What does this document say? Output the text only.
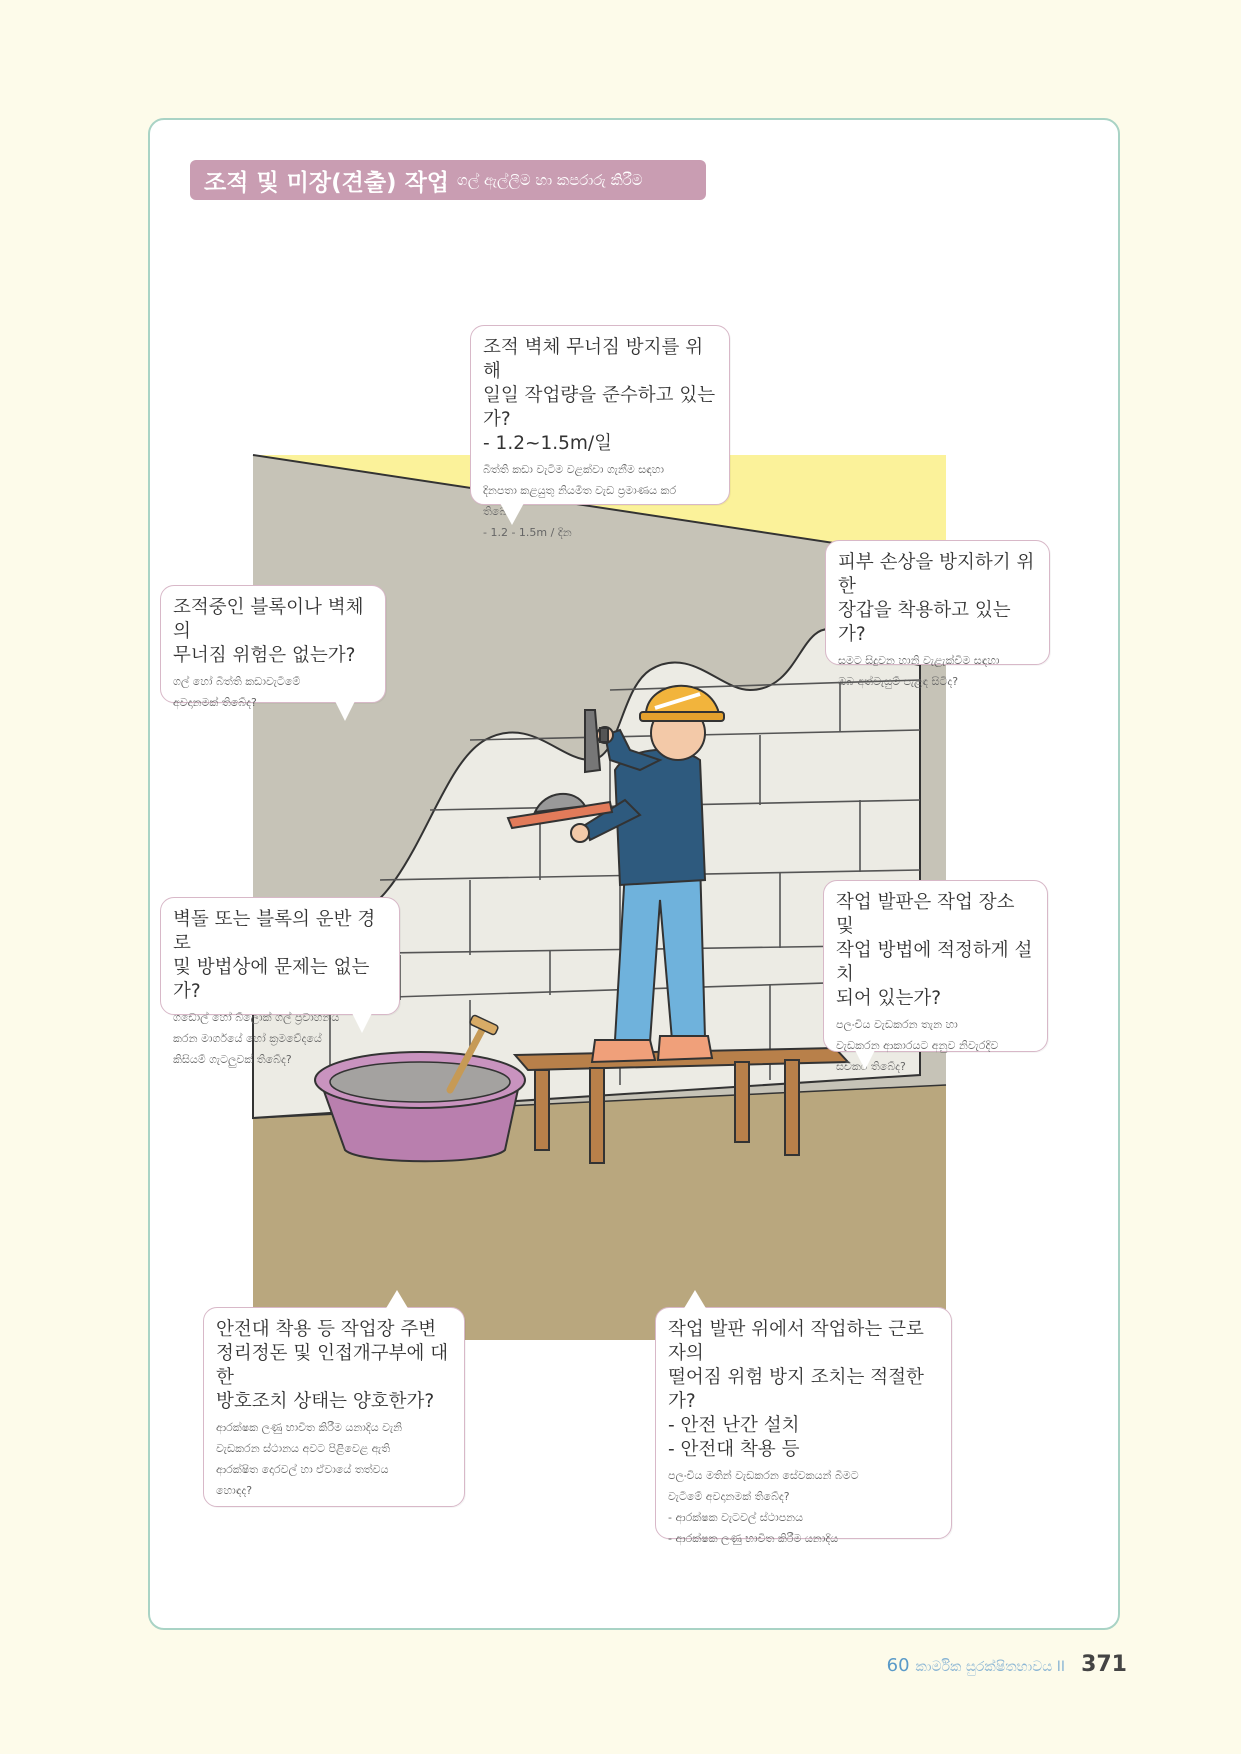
조적 및 미장(견출) 작업 ගල් ඇල්ලීම හා කපරාරු කිරීම
조적 벽체 무너짐 방지를 위해
일일 작업량을 준수하고 있는가?
- 1.2~1.5m/일
බිත්ති කඩා වැටීම වළක්වා ගැනීම සඳහා
දිනපතා කළයුතු නියමිත වැඩ ප්‍රමාණය කර
තිබේද?
- 1.2 - 1.5m / දින
피부 손상을 방지하기 위한
장갑을 착용하고 있는가?
සමට සිදුවන හානි වැළැක්වීම සඳහා
ඔබ අත්වැසුම් පැළඳ සිටීද?
조적중인 블록이나 벽체의
무너짐 위험은 없는가?
ගල් හෝ බිත්ති කඩාවැටීමේ
අවදානමක් තිබේද?
벽돌 또는 블록의 운반 경로
및 방법상에 문제는 없는가?
ගඩොල් හෝ බ්ලොක් ගල් ප්‍රවාහනය
කරන මාර්ගයේ හෝ ක්‍රමවේදයේ
කිසියම් ගැටලුවක් තිබේද?
작업 발판은 작업 장소 및
작업 방법에 적정하게 설치
되어 있는가?
පලංචිය වැඩකරන තැන හා
වැඩකරන ආකාරයට අනුව නිවැරදිව
සවිකර තිබේද?
안전대 착용 등 작업장 주변
정리정돈 및 인접개구부에 대한
방호조치 상태는 양호한가?
ආරක්ෂක ලණු භාවිත කිරීම යනාදිය වැනි
වැඩකරන ස්ථානය අවට පිළිවෙළ ඇති
ආරක්ෂිත දොරවල් හා ඒවායේ තත්වය
හොඳද?
작업 발판 위에서 작업하는 근로자의
떨어짐 위험 방지 조치는 적절한가?
- 안전 난간 설치
- 안전대 착용 등
පලංචිය මතින් වැඩකරන සේවකයන් බිමට
වැටීමේ අවදානමක් තිබේද?
- ආරක්ෂක වැටවල් ස්ථාපනය
- ආරක්ෂක ලණු භාවිත කිරීම යනාදිය
60 කාර්මික සුරක්ෂිතභාවය II 371
